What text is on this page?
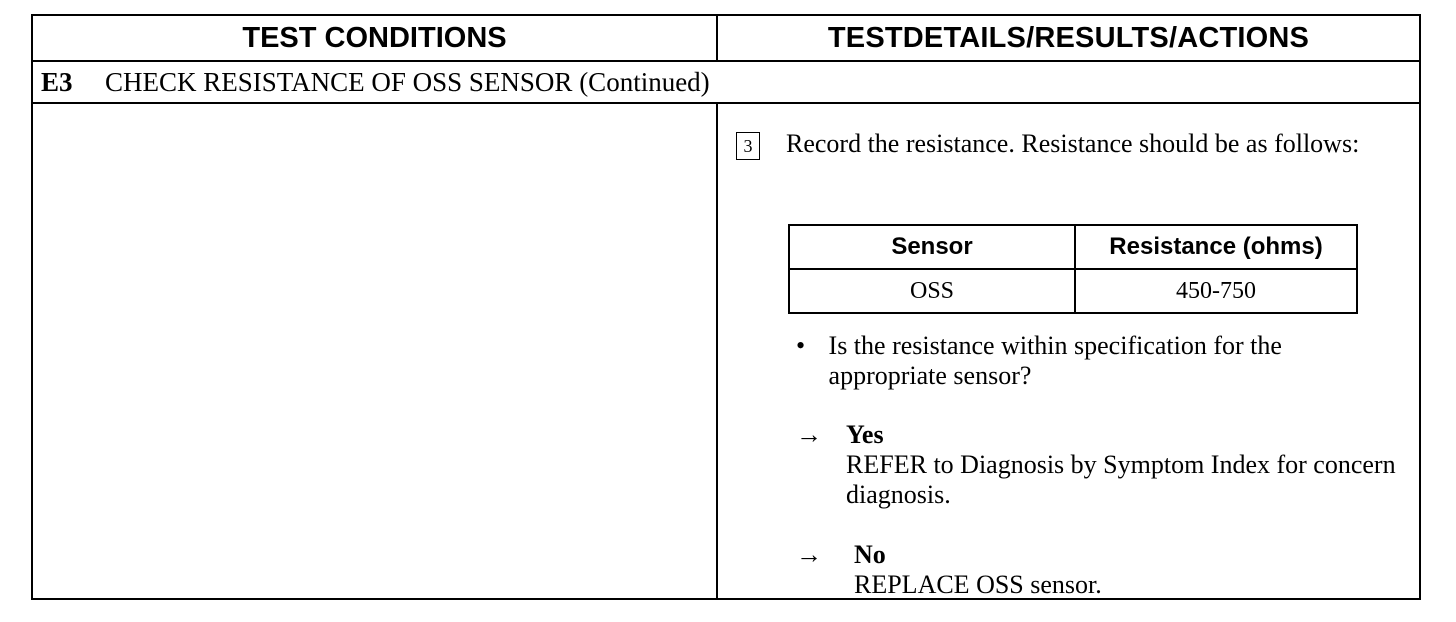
TEST CONDITIONS	TESTDETAILS/RESULTS/ACTIONS
E3	CHECK RESISTANCE OF OSS SENSOR (Continued)
3 Record the resistance. Resistance should be as follows:
Sensor	Resistance (ohms)
OSS	450-750
• Is the resistance within specification for the appropriate sensor?
→ Yes
REFER to Diagnosis by Symptom Index for concern diagnosis.
→	No
REPLACE OSS sensor.
